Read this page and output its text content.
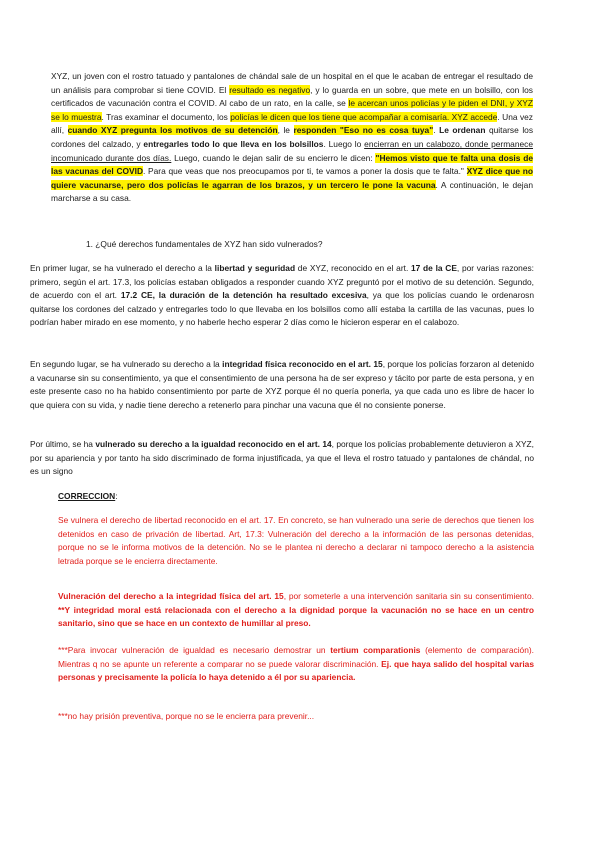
XYZ, un joven con el rostro tatuado y pantalones de chándal sale de un hospital en el que le acaban de entregar el resultado de un análisis para comprobar si tiene COVID. El resultado es negativo, y lo guarda en un sobre, que mete en un bolsillo, con los certificados de vacunación contra el COVID. Al cabo de un rato, en la calle, se le acercan unos policías y le piden el DNI, y XYZ se lo muestra. Tras examinar el documento, los policías le dicen que los tiene que acompañar a comisaría. XYZ accede. Una vez allí, cuando XYZ pregunta los motivos de su detención, le responden "Eso no es cosa tuya". Le ordenan quitarse los cordones del calzado, y entregarles todo lo que lleva en los bolsillos. Luego lo encierran en un calabozo, donde permanece incomunicado durante dos días. Luego, cuando le dejan salir de su encierro le dicen: "Hemos visto que te falta una dosis de las vacunas del COVID. Para que veas que nos preocupamos por ti, te vamos a poner la dosis que te falta." XYZ dice que no quiere vacunarse, pero dos policías le agarran de los brazos, y un tercero le pone la vacuna. A continuación, le dejan marcharse a su casa.

1. ¿Qué derechos fundamentales de XYZ han sido vulnerados?

En primer lugar, se ha vulnerado el derecho a la libertad y seguridad de XYZ, reconocido en el art. 17 de la CE, por varias razones: primero, según el art. 17.3, los policías estaban obligados a responder cuando XYZ preguntó por el motivo de su detención. Segundo, de acuerdo con el art. 17.2 CE, la duración de la detención ha resultado excesiva, ya que los policías cuando le ordenarosn quitarse los cordones del calzado y entregarles todo lo que llevaba en los bolsillos como allí estaba la cartilla de las vacunas, pues lo podrían haber mirado en ese momento, y no haberle hecho esperar 2 días como le hicieron esperar en el calabozo.

En segundo lugar, se ha vulnerado su derecho a la integridad física reconocido en el art. 15, porque los policías forzaron al detenido a vacunarse sin su consentimiento, ya que el consentimiento de una persona ha de ser expreso y tácito por parte de esta persona, y en este presente caso no ha habido consentimiento por parte de XYZ porque él no quería ponerla, ya que cada uno es libre de hacer lo que quiera con su vida, y nadie tiene derecho a retenerlo para pinchar una vacuna que él no consiente ponerse.

Por último, se ha vulnerado su derecho a la igualdad reconocido en el art. 14, porque los policías probablemente detuvieron a XYZ, por su apariencia y por tanto ha sido discriminado de forma injustificada, ya que el lleva el rostro tatuado y pantalones de chándal, no es un signo

CORRECCION:

Se vulnera el derecho de libertad reconocido en el art. 17. En concreto, se han vulnerado una serie de derechos que tienen los detenidos en caso de privación de libertad. Art, 17.3: Vulneración del derecho a la información de las personas detenidas, porque no se le informa motivos de la detención. No se le plantea ni derecho a declarar ni tampoco derecho a la asistencia letrada porque se le encierra directamente.

Vulneración del derecho a la integridad física del art. 15, por someterle a una intervención sanitaria sin su consentimiento. **Y integridad moral está relacionada con el derecho a la dignidad porque la vacunación no se hace en un centro sanitario, sino que se hace en un contexto de humillar al preso.

***Para invocar vulneración de igualdad es necesario demostrar un tertium comparationis (elemento de comparación). Mientras q no se apunte un referente a comparar no se puede valorar discriminación. Ej. que haya salido del hospital varias personas y precisamente la policía lo haya detenido a él por su apariencia.

***no hay prisión preventiva, porque no se le encierra para prevenir...
